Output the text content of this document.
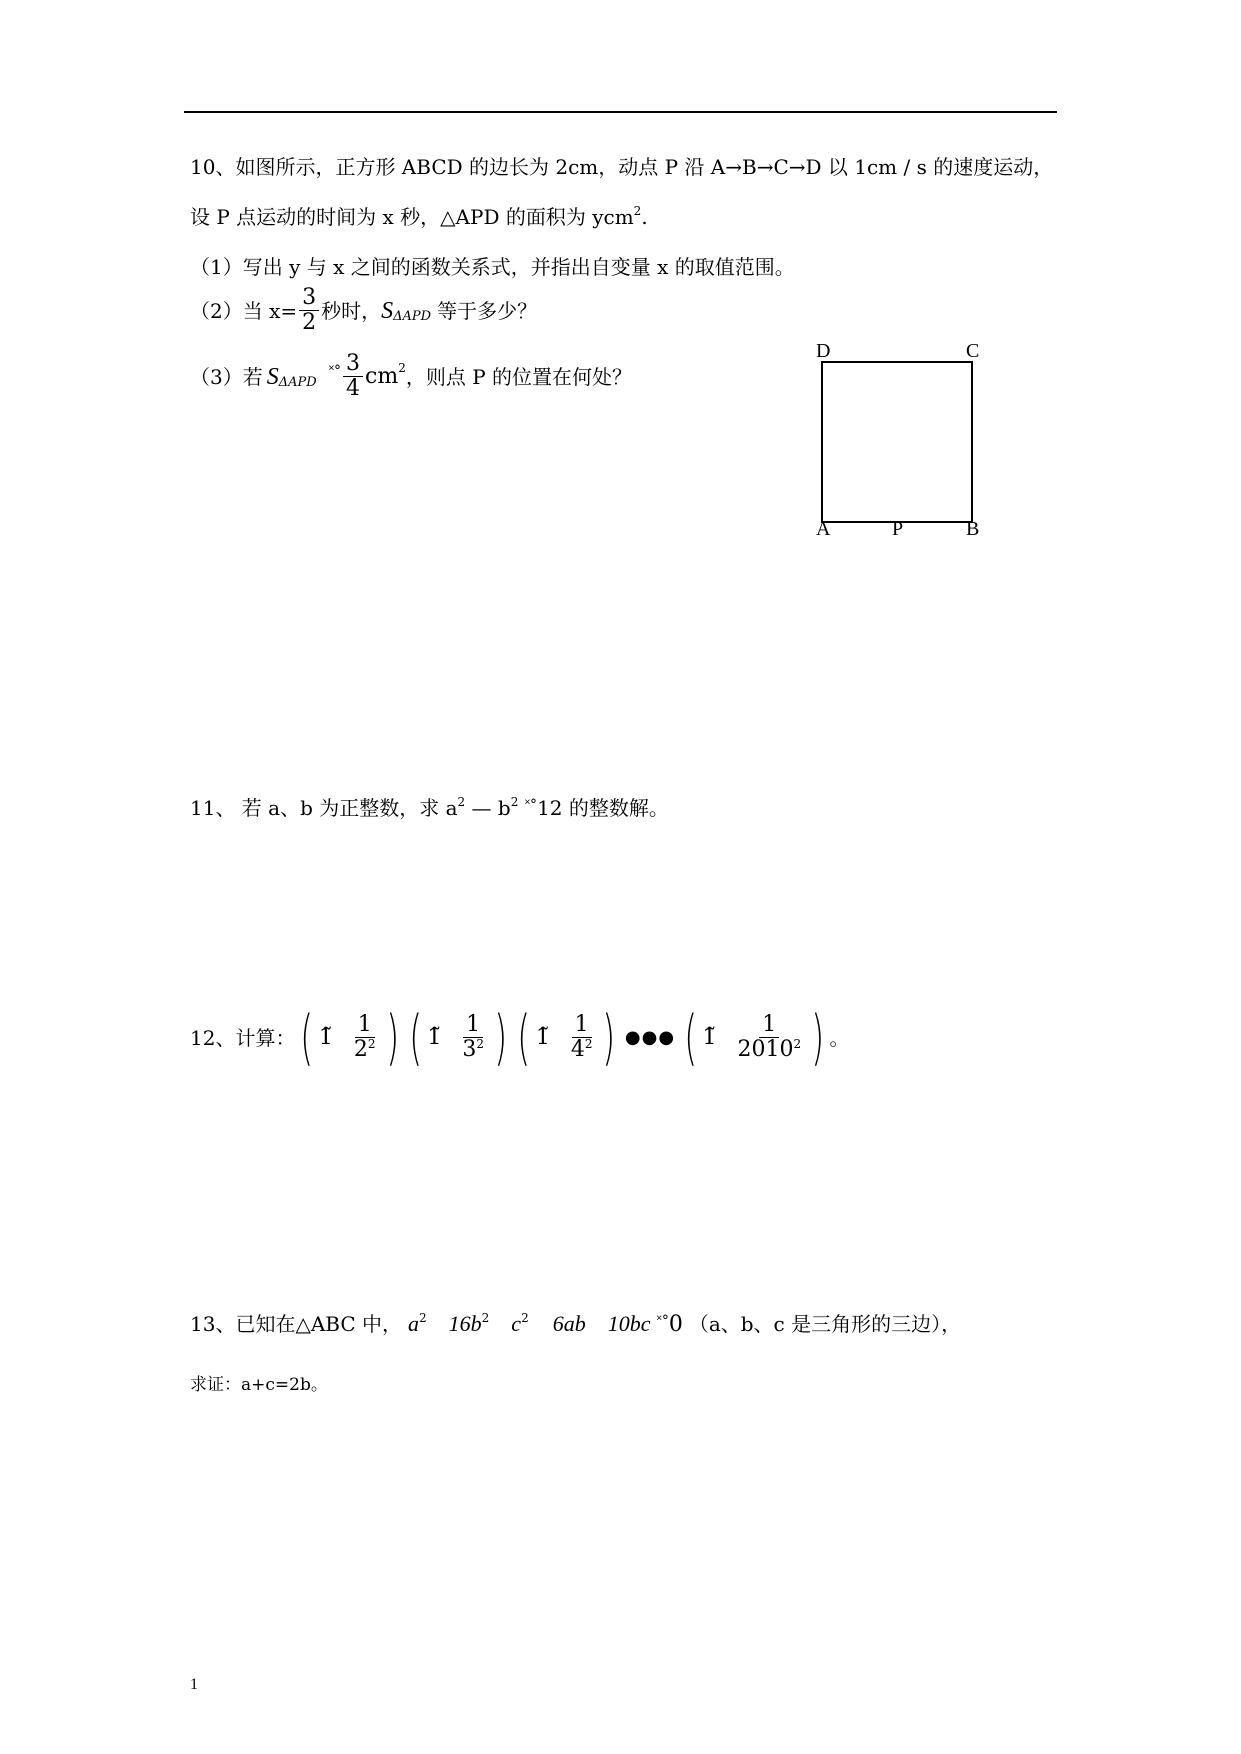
10、如图所示，正方形 ABCD 的边长为 2cm，动点 P 沿 A→B→C→D 以 1cm / s 的速度运动，
设 P 点运动的时间为 x 秒，△APD 的面积为 ycm$^2$.
（1）写出 y 与 x 之间的函数关系式，并指出自变量 x 的取值范围。
（2）当 $x= \frac{3}{2}$ 秒时， S ΔAPD 等于多少？
（3）若 S ΔAPD
˟° $\frac{3}{4}$ cm 2 ，则点 P 的位置在何处？
D	C
A	P	B
11、 若 a、b 为正整数，求 $a^2$ — $b^2$ ˟°12 的整数解。
12、计算： ( 1̃ $\frac{1}{2^2}$ ) ( 1̃ $\frac{1}{3^2}$ ) ( 1̃ $\frac{1}{4^2}$ ) ●●● ( 1̃ $\frac{1}{2010^2}$ ) 。
13、已知在△ABC 中， a 2 16b 2 c 2 6ab 10bc ˟° 0 （a、b、c 是三角形的三边），
求证：a+c=2b。
1
